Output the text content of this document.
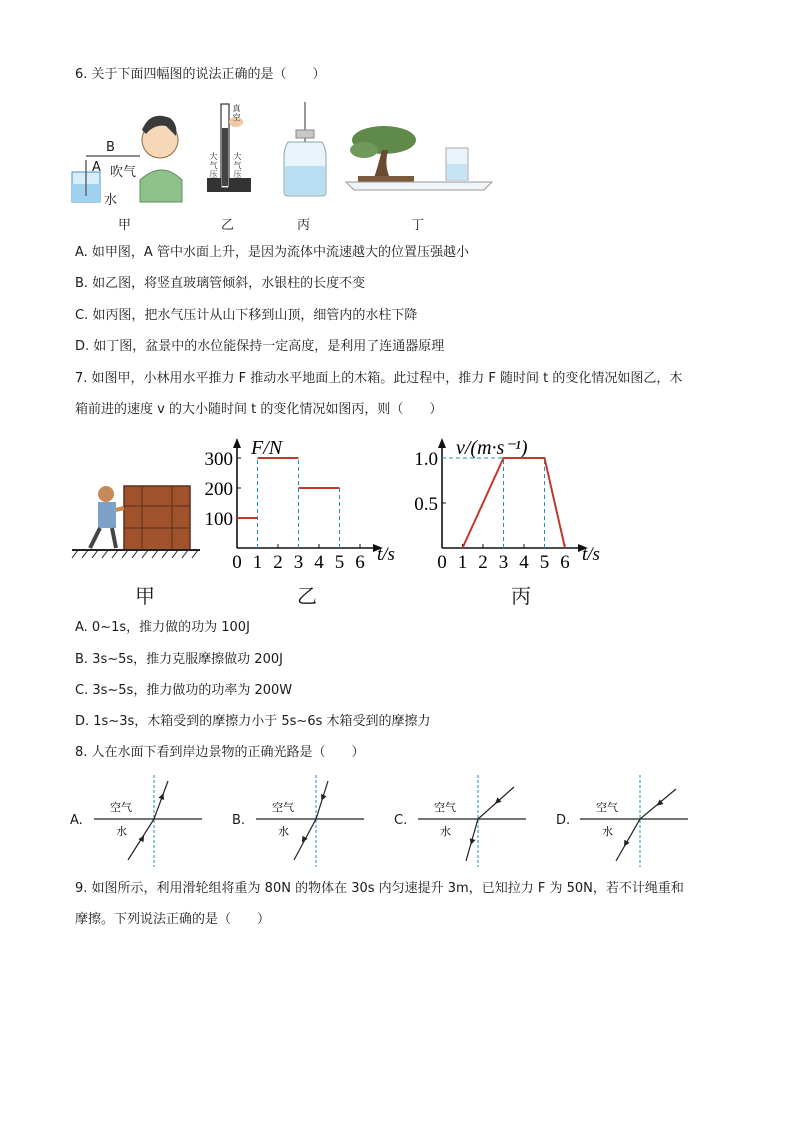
6. 关于下面四幅图的说法正确的是（　　）
B
A 吹气
水
甲
真空
大气压
大气压
乙	丙	丁
A. 如甲图，A 管中水面上升，是因为流体中流速越大的位置压强越小
B. 如乙图，将竖直玻璃管倾斜，水银柱的长度不变
C. 如丙图，把水气压计从山下移到山顶，细管内的水柱下降
D. 如丁图，盆景中的水位能保持一定高度，是利用了连通器原理
7. 如图甲，小林用水平推力 F 推动水平地面上的木箱。此过程中，推力 F 随时间 t 的变化情况如图乙，木
箱前进的速度 v 的大小随时间 t 的变化情况如图丙，则（　　）
0 1 2 3 4 5 6
100
200
300
F/N
t/s 0 1 2 3 4 5 6
0.5
1.0
v/(m·s⁻¹)
t/s
甲	乙	丙
A. 0~1s，推力做的功为 100J
B. 3s~5s，推力克服摩擦做功 200J
C. 3s~5s，推力做功的功率为 200W
D. 1s~3s，木箱受到的摩擦力小于 5s~6s 木箱受到的摩擦力
8. 人在水面下看到岸边景物的正确光路是（　　）
A.
空气
水
B.
空气
水
C.
空气
水
D.
空气
水
9. 如图所示，利用滑轮组将重为 80N 的物体在 30s 内匀速提升 3m，已知拉力 F 为 50N，若不计绳重和
摩擦。下列说法正确的是（　　）
